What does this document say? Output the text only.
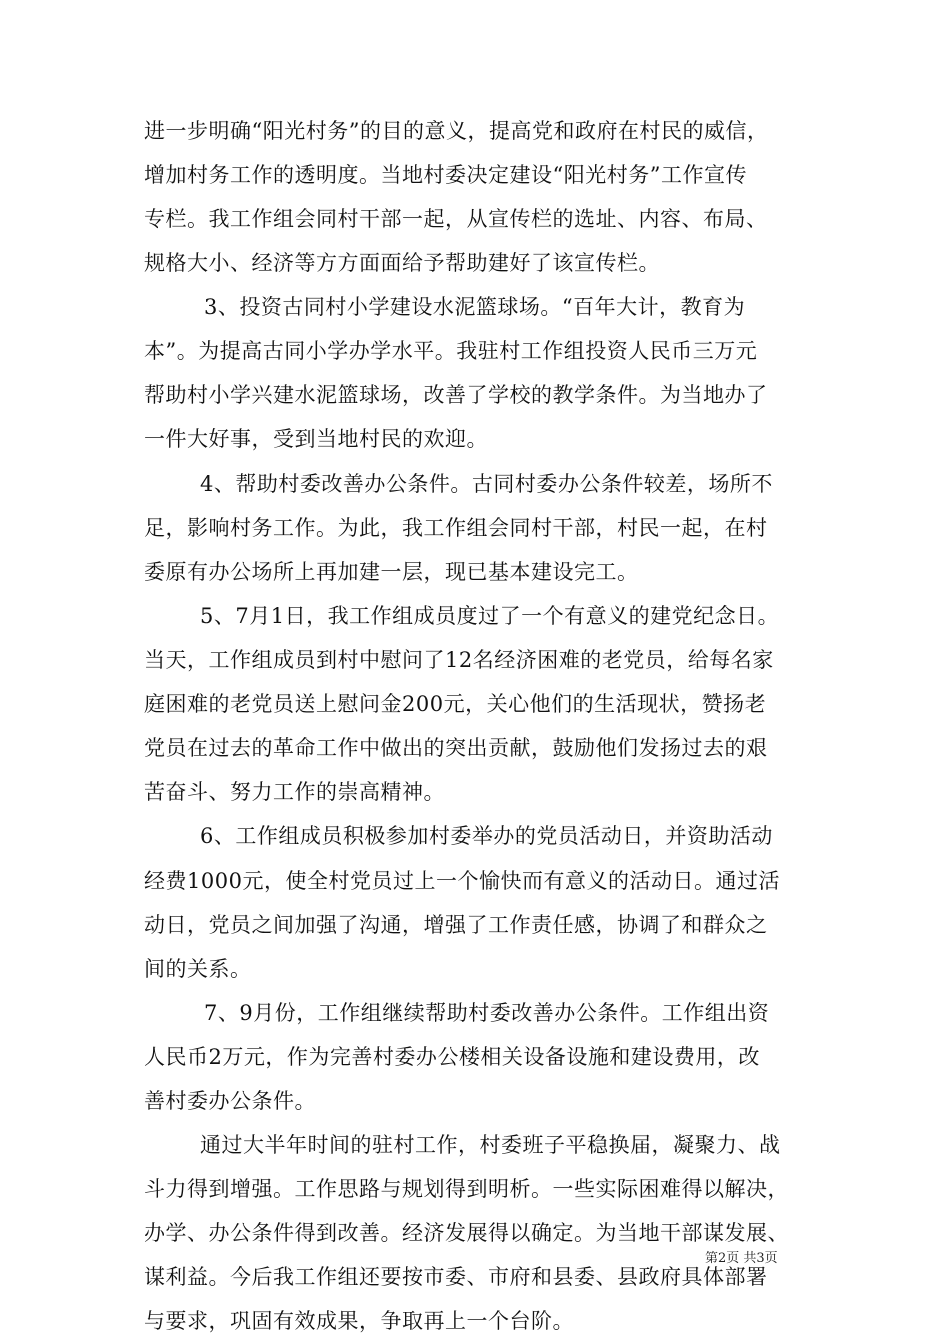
进一步明确“阳光村务”的目的意义，提高党和政府在村民的威信，
增加村务工作的透明度。当地村委决定建设“阳光村务”工作宣传
专栏。我工作组会同村干部一起，从宣传栏的选址、内容、布局、
规格大小、经济等方方面面给予帮助建好了该宣传栏。
3、投资古同村小学建设水泥篮球场。“百年大计，教育为
本”。为提高古同小学办学水平。我驻村工作组投资人民币三万元
帮助村小学兴建水泥篮球场，改善了学校的教学条件。为当地办了
一件大好事，受到当地村民的欢迎。
4、帮助村委改善办公条件。古同村委办公条件较差，场所不
足，影响村务工作。为此，我工作组会同村干部，村民一起，在村
委原有办公场所上再加建一层，现已基本建设完工。
5、7月1日，我工作组成员度过了一个有意义的建党纪念日。
当天，工作组成员到村中慰问了12名经济困难的老党员，给每名家
庭困难的老党员送上慰问金200元，关心他们的生活现状，赞扬老
党员在过去的革命工作中做出的突出贡献，鼓励他们发扬过去的艰
苦奋斗、努力工作的崇高精神。
6、工作组成员积极参加村委举办的党员活动日，并资助活动
经费1000元，使全村党员过上一个愉快而有意义的活动日。通过活
动日，党员之间加强了沟通，增强了工作责任感，协调了和群众之
间的关系。
7、9月份，工作组继续帮助村委改善办公条件。工作组出资
人民币2万元，作为完善村委办公楼相关设备设施和建设费用，改
善村委办公条件。
通过大半年时间的驻村工作，村委班子平稳换届，凝聚力、战
斗力得到增强。工作思路与规划得到明析。一些实际困难得以解决，
办学、办公条件得到改善。经济发展得以确定。为当地干部谋发展、
谋利益。今后我工作组还要按市委、市府和县委、县政府具体部署
与要求，巩固有效成果，争取再上一个台阶。
第2页 共3页
